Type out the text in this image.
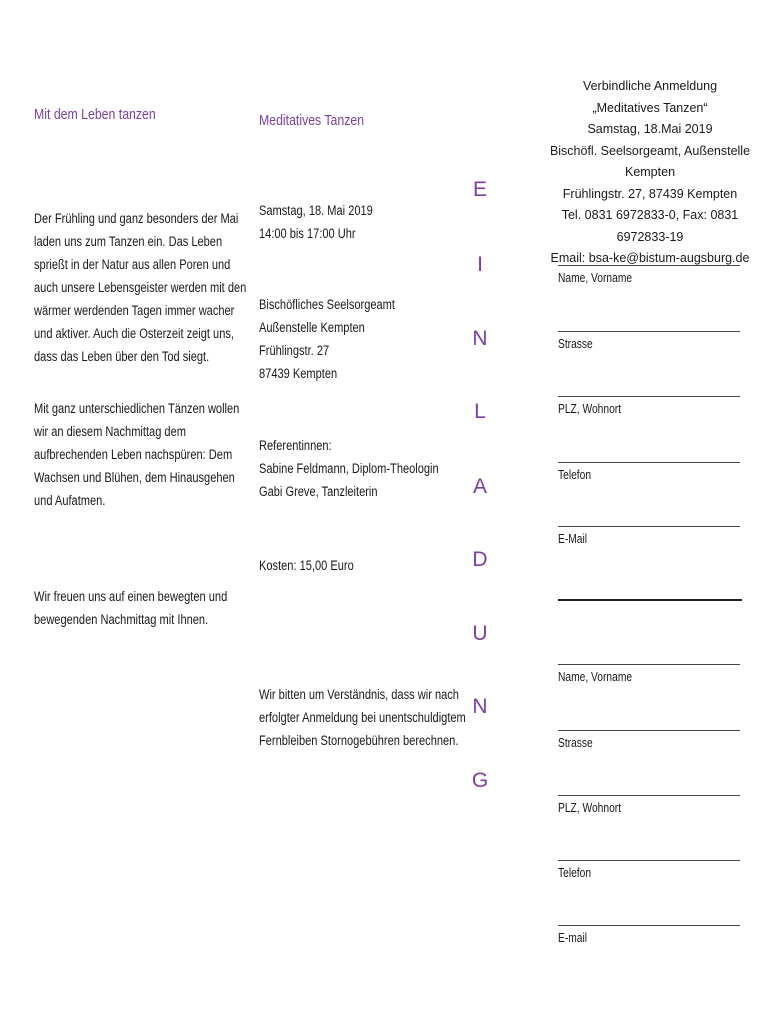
Mit dem Leben tanzen
Der Frühling und ganz besonders der Mai
laden uns zum Tanzen ein. Das Leben
sprießt in der Natur aus allen Poren und
auch unsere Lebensgeister werden mit den
wärmer werdenden Tagen immer wacher
und aktiver. Auch die Osterzeit zeigt uns,
dass das Leben über den Tod siegt.
Mit ganz unterschiedlichen Tänzen wollen
wir an diesem Nachmittag dem
aufbrechenden Leben nachspüren: Dem
Wachsen und Blühen, dem Hinausgehen
und Aufatmen.
Wir freuen uns auf einen bewegten und
bewegenden Nachmittag mit Ihnen.
Meditatives Tanzen
Samstag, 18. Mai 2019
14:00 bis 17:00 Uhr
Bischöfliches Seelsorgeamt
Außenstelle Kempten
Frühlingstr. 27
87439 Kempten
Referentinnen:
Sabine Feldmann, Diplom-Theologin
Gabi Greve, Tanzleiterin
Kosten: 15,00 Euro
Wir bitten um Verständnis, dass wir nach
erfolgter Anmeldung bei unentschuldigtem
Fernbleiben Stornogebühren berechnen.
E
I
N
L
A
D
U
N
G
Verbindliche Anmeldung
„Meditatives Tanzen“
Samstag, 18.Mai 2019
Bischöfl. Seelsorgeamt, Außenstelle Kempten
Frühlingstr. 27, 87439 Kempten
Tel. 0831 6972833-0, Fax: 0831 6972833-19
Email: bsa-ke@bistum-augsburg.de
Name, Vorname
Strasse
PLZ, Wohnort
Telefon
E-Mail
Name, Vorname
Strasse
PLZ, Wohnort
Telefon
E-mail
